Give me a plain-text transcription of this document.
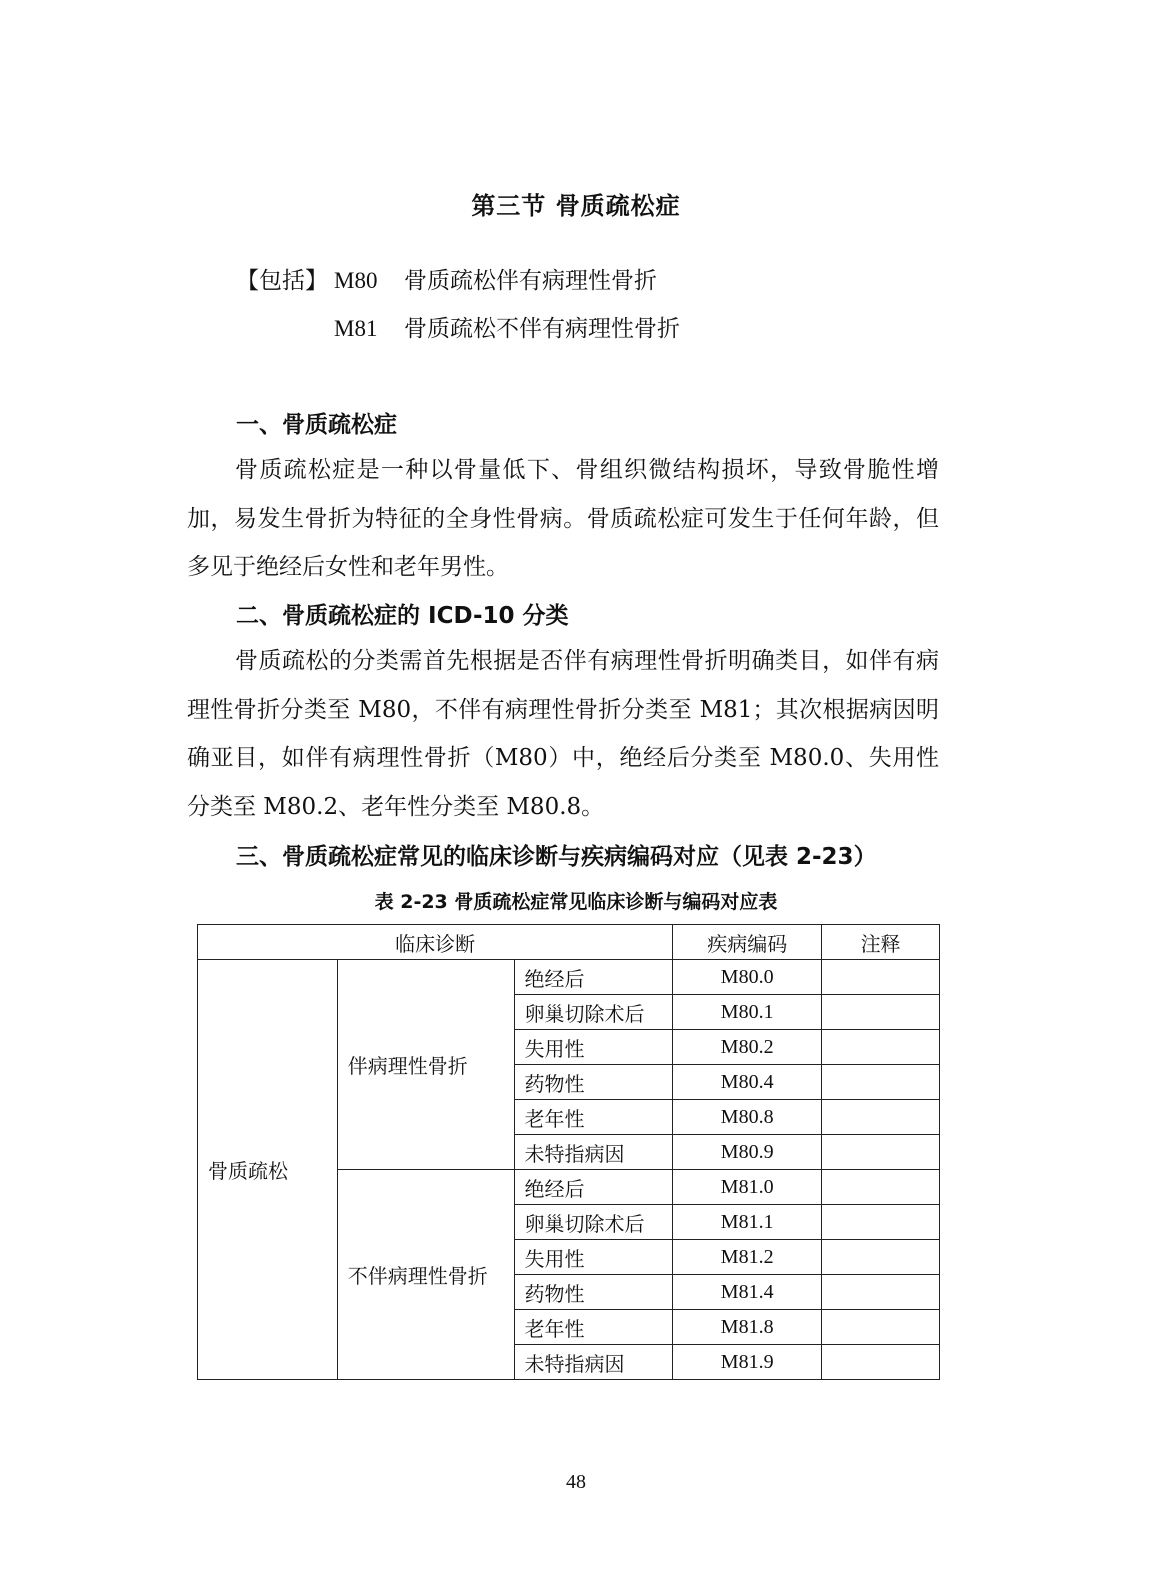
第三节 骨质疏松症
【包括】 M80 骨质疏松伴有病理性骨折
M81 骨质疏松不伴有病理性骨折
一、骨质疏松症

骨质疏松症是一种以骨量低下、骨组织微结构损坏，导致骨脆性增加，易发生骨折为特征的全身性骨病。骨质疏松症可发生于任何年龄，但多见于绝经后女性和老年男性。

二、骨质疏松症的 ICD-10 分类

骨质疏松的分类需首先根据是否伴有病理性骨折明确类目，如伴有病理性骨折分类至 M80，不伴有病理性骨折分类至 M81；其次根据病因明确亚目，如伴有病理性骨折（M80）中，绝经后分类至 M80.0、失用性分类至 M80.2、老年性分类至 M80.8。

三、骨质疏松症常见的临床诊断与疾病编码对应（见表 2-23）
表 2-23 骨质疏松症常见临床诊断与编码对应表
临床诊断			疾病编码	注释
骨质疏松	伴病理性骨折	绝经后	M80.0	
		卵巢切除术后	M80.1	
		失用性	M80.2	
		药物性	M80.4	
		老年性	M80.8	
		未特指病因	M80.9	
	不伴病理性骨折	绝经后	M81.0	
		卵巢切除术后	M81.1	
		失用性	M81.2	
		药物性	M81.4	
		老年性	M81.8	
		未特指病因	M81.9	
48
